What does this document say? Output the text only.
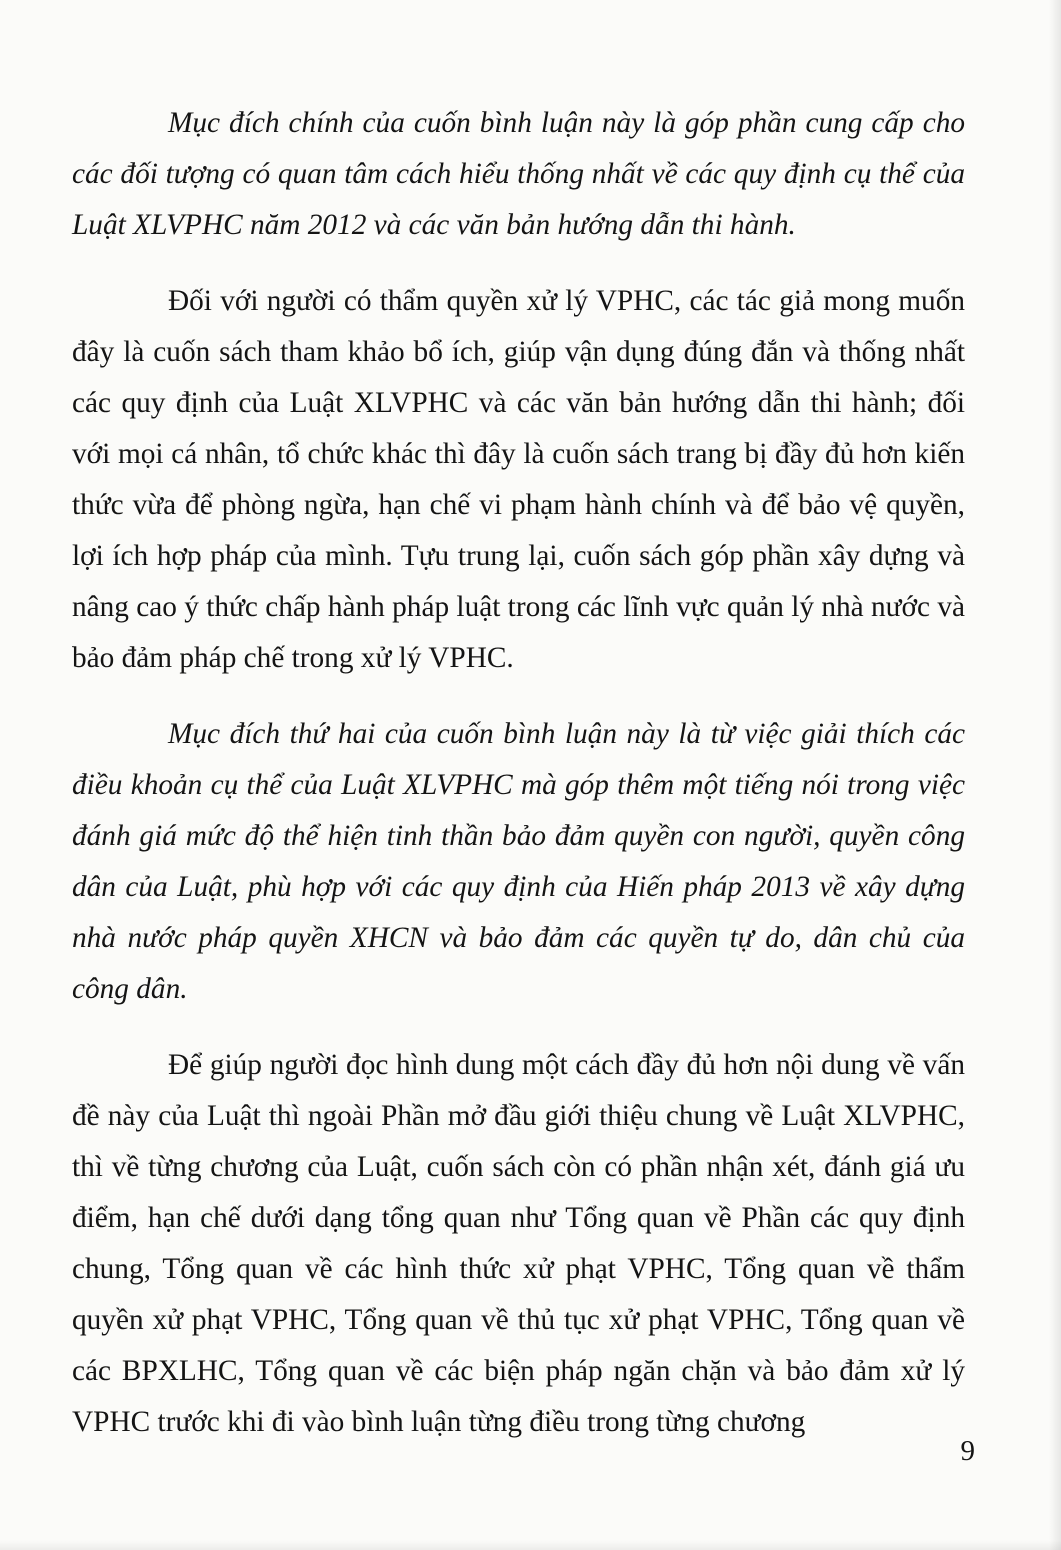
Mục đích chính của cuốn bình luận này là góp phần cung cấp cho các đối tượng có quan tâm cách hiểu thống nhất về các quy định cụ thể của Luật XLVPHC năm 2012 và các văn bản hướng dẫn thi hành.

Đối với người có thẩm quyền xử lý VPHC, các tác giả mong muốn đây là cuốn sách tham khảo bổ ích, giúp vận dụng đúng đắn và thống nhất các quy định của Luật XLVPHC và các văn bản hướng dẫn thi hành; đối với mọi cá nhân, tổ chức khác thì đây là cuốn sách trang bị đầy đủ hơn kiến thức vừa để phòng ngừa, hạn chế vi phạm hành chính và để bảo vệ quyền, lợi ích hợp pháp của mình. Tựu trung lại, cuốn sách góp phần xây dựng và nâng cao ý thức chấp hành pháp luật trong các lĩnh vực quản lý nhà nước và bảo đảm pháp chế trong xử lý VPHC.

Mục đích thứ hai của cuốn bình luận này là từ việc giải thích các điều khoản cụ thể của Luật XLVPHC mà góp thêm một tiếng nói trong việc đánh giá mức độ thể hiện tinh thần bảo đảm quyền con người, quyền công dân của Luật, phù hợp với các quy định của Hiến pháp 2013 về xây dựng nhà nước pháp quyền XHCN và bảo đảm các quyền tự do, dân chủ của công dân.

Để giúp người đọc hình dung một cách đầy đủ hơn nội dung về vấn đề này của Luật thì ngoài Phần mở đầu giới thiệu chung về Luật XLVPHC, thì về từng chương của Luật, cuốn sách còn có phần nhận xét, đánh giá ưu điểm, hạn chế dưới dạng tổng quan như Tổng quan về Phần các quy định chung, Tổng quan về các hình thức xử phạt VPHC, Tổng quan về thẩm quyền xử phạt VPHC, Tổng quan về thủ tục xử phạt VPHC, Tổng quan về các BPXLHC, Tổng quan về các biện pháp ngăn chặn và bảo đảm xử lý VPHC trước khi đi vào bình luận từng điều trong từng chương

9
